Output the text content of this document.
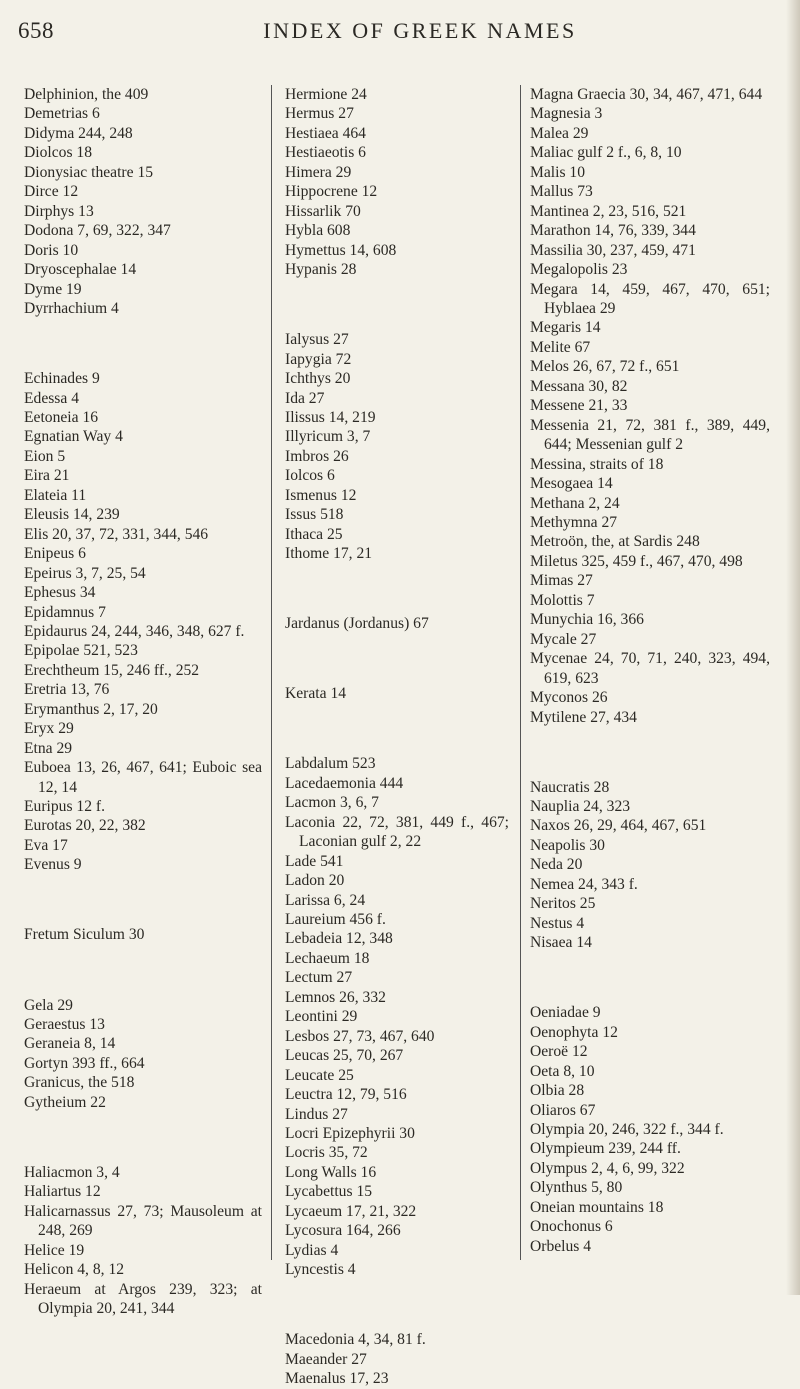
658	INDEX OF GREEK NAMES

Delphinion, the 409

Demetrias 6

Didyma 244, 248

Diolcos 18

Dionysiac theatre 15

Dirce 12

Dirphys 13

Dodona 7, 69, 322, 347

Doris 10

Dryoscephalae 14

Dyme 19

Dyrrhachium 4

Echinades 9

Edessa 4

Eetoneia 16

Egnatian Way 4

Eion 5

Eira 21

Elateia 11

Eleusis 14, 239

Elis 20, 37, 72, 331, 344, 546

Enipeus 6

Epeirus 3, 7, 25, 54

Ephesus 34

Epidamnus 7

Epidaurus 24, 244, 346, 348, 627 f.

Epipolae 521, 523

Erechtheum 15, 246 ff., 252

Eretria 13, 76

Erymanthus 2, 17, 20

Eryx 29

Etna 29

Euboea 13, 26, 467, 641; Euboic sea 12, 14

Euripus 12 f.

Eurotas 20, 22, 382

Eva 17

Evenus 9

Fretum Siculum 30

Gela 29

Geraestus 13

Geraneia 8, 14

Gortyn 393 ff., 664

Granicus, the 518

Gytheium 22

Haliacmon 3, 4

Haliartus 12

Halicarnassus 27, 73; Mausoleum at 248, 269

Helice 19

Helicon 4, 8, 12

Heraeum at Argos 239, 323; at Olympia 20, 241, 344

Hermione 24

Hermus 27

Hestiaea 464

Hestiaeotis 6

Himera 29

Hippocrene 12

Hissarlik 70

Hybla 608

Hymettus 14, 608

Hypanis 28

Ialysus 27

Iapygia 72

Ichthys 20

Ida 27

Ilissus 14, 219

Illyricum 3, 7

Imbros 26

Iolcos 6

Ismenus 12

Issus 518

Ithaca 25

Ithome 17, 21

Jardanus (Jordanus) 67

Kerata 14

Labdalum 523

Lacedaemonia 444

Lacmon 3, 6, 7

Laconia 22, 72, 381, 449 f., 467; Laconian gulf 2, 22

Lade 541

Ladon 20

Larissa 6, 24

Laureium 456 f.

Lebadeia 12, 348

Lechaeum 18

Lectum 27

Lemnos 26, 332

Leontini 29

Lesbos 27, 73, 467, 640

Leucas 25, 70, 267

Leucate 25

Leuctra 12, 79, 516

Lindus 27

Locri Epizephyrii 30

Locris 35, 72

Long Walls 16

Lycabettus 15

Lycaeum 17, 21, 322

Lycosura 164, 266

Lydias 4

Lyncestis 4

Macedonia 4, 34, 81 f.

Maeander 27

Maenalus 17, 23

Magna Graecia 30, 34, 467, 471, 644

Magnesia 3

Malea 29

Maliac gulf 2 f., 6, 8, 10

Malis 10

Mallus 73

Mantinea 2, 23, 516, 521

Marathon 14, 76, 339, 344

Massilia 30, 237, 459, 471

Megalopolis 23

Megara 14, 459, 467, 470, 651; Hyblaea 29

Megaris 14

Melite 67

Melos 26, 67, 72 f., 651

Messana 30, 82

Messene 21, 33

Messenia 21, 72, 381 f., 389, 449, 644; Messenian gulf 2

Messina, straits of 18

Mesogaea 14

Methana 2, 24

Methymna 27

Metroön, the, at Sardis 248

Miletus 325, 459 f., 467, 470, 498

Mimas 27

Molottis 7

Munychia 16, 366

Mycale 27

Mycenae 24, 70, 71, 240, 323, 494, 619, 623

Myconos 26

Mytilene 27, 434

Naucratis 28

Nauplia 24, 323

Naxos 26, 29, 464, 467, 651

Neapolis 30

Neda 20

Nemea 24, 343 f.

Neritos 25

Nestus 4

Nisaea 14

Oeniadae 9

Oenophyta 12

Oeroë 12

Oeta 8, 10

Olbia 28

Oliaros 67

Olympia 20, 246, 322 f., 344 f.

Olympieum 239, 244 ff.

Olympus 2, 4, 6, 99, 322

Olynthus 5, 80

Oneian mountains 18

Onochonus 6

Orbelus 4
